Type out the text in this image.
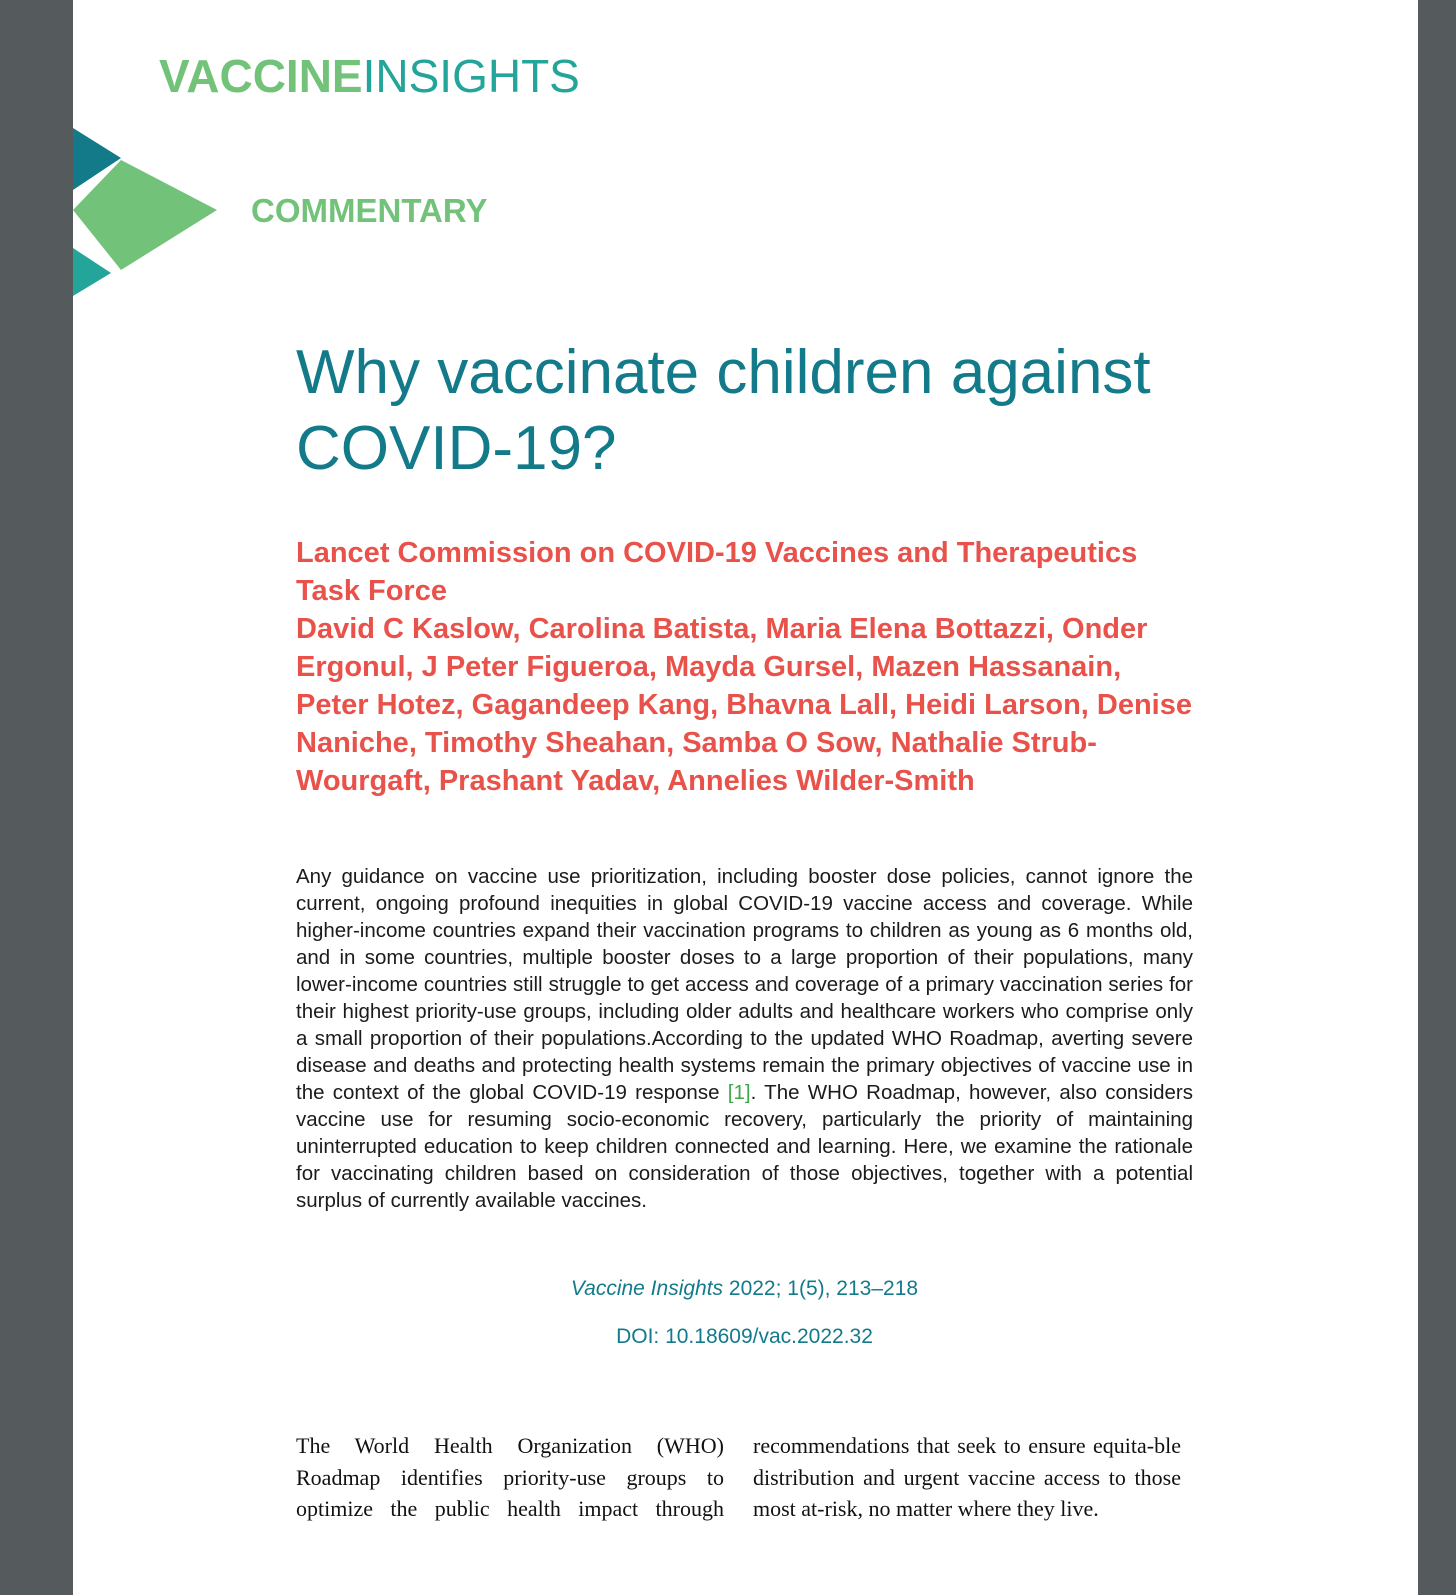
VACCINEINSIGHTS
COMMENTARY
Why vaccinate children against COVID-19?
Lancet Commission on COVID-19 Vaccines and Therapeutics Task Force
David C Kaslow, Carolina Batista, Maria Elena Bottazzi, Onder Ergonul, J Peter Figueroa, Mayda Gursel, Mazen Hassanain, Peter Hotez, Gagandeep Kang, Bhavna Lall, Heidi Larson, Denise Naniche, Timothy Sheahan, Samba O Sow, Nathalie Strub-Wourgaft, Prashant Yadav, Annelies Wilder-Smith
Any guidance on vaccine use prioritization, including booster dose policies, cannot ignore the current, ongoing profound inequities in global COVID-19 vaccine access and coverage. While higher-income countries expand their vaccination programs to children as young as 6 months old, and in some countries, multiple booster doses to a large proportion of their populations, many lower-income countries still struggle to get access and coverage of a primary vaccination series for their highest priority-use groups, including older adults and healthcare workers who comprise only a small proportion of their populations.According to the updated WHO Roadmap, averting severe disease and deaths and protecting health systems remain the primary objectives of vaccine use in the context of the global COVID-19 response [1]. The WHO Roadmap, however, also considers vaccine use for resuming socio-economic recovery, particularly the priority of maintaining uninterrupted education to keep children connected and learning. Here, we examine the rationale for vaccinating children based on consideration of those objectives, together with a potential surplus of currently available vaccines.
Vaccine Insights 2022; 1(5), 213–218
DOI: 10.18609/vac.2022.32
The World Health Organization (WHO) Roadmap identifies priority-use groups to optimize the public health impact through
recommendations that seek to ensure equita-ble distribution and urgent vaccine access to those most at-risk, no matter where they live.
